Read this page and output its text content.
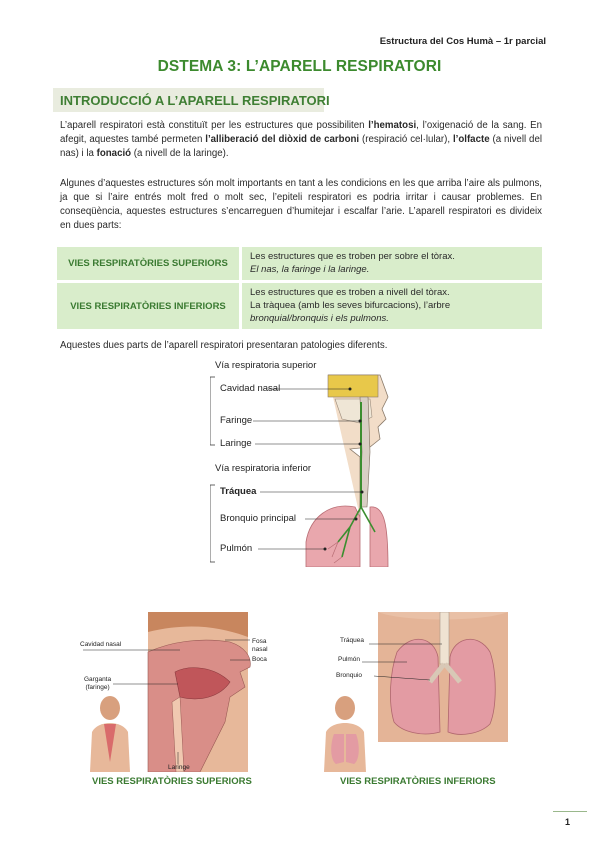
Estructura del Cos Humà – 1r parcial
DSTEMA 3: L’APARELL RESPIRATORI
INTRODUCCIÓ A L’APARELL RESPIRATORI

L’aparell respiratori està constituït per les estructures que possibiliten l’hematosi, l’oxigenació de la sang. En afegit, aquestes també permeten l’alliberació del diòxid de carboni (respiració cel·lular), l’olfacte (a nivell del nas) i la fonació (a nivell de la laringe).

Algunes d’aquestes estructures són molt importants en tant a les condicions en les que arriba l’aire als pulmons, ja que si l’aire entrés molt fred o molt sec, l’epiteli respiratori es podria irritar i causar problemes. En conseqüència, aquestes estructures s’encarreguen d’humitejar i escalfar l’arie. L’aparell respiratori es divideix en dues parts:

VIES RESPIRATÒRIES SUPERIORS	Les estructures que es troben per sobre el tòrax.
El nas, la faringe i la laringe.

VIES RESPIRATÒRIES INFERIORS	Les estructures que es troben a nivell del tòrax.
La tràquea (amb les seves bifurcacions), l’arbre
bronquial/bronquis i els pulmons.

Aquestes dues parts de l’aparell respiratori presentaran patologies diferents.

Vía respiratoria superior
Cavidad nasal
Faringe
Laringe
Vía respiratoria inferior
Tráquea
Bronquio principal
Pulmón
Cavidad nasal
Garganta
(faringe)
Fosa
nasal
Boca
Laringe
Tráquea
Pulmón
Bronquio
VIES RESPIRATÒRIES SUPERIORS	VIES RESPIRATÒRIES INFERIORS
1
